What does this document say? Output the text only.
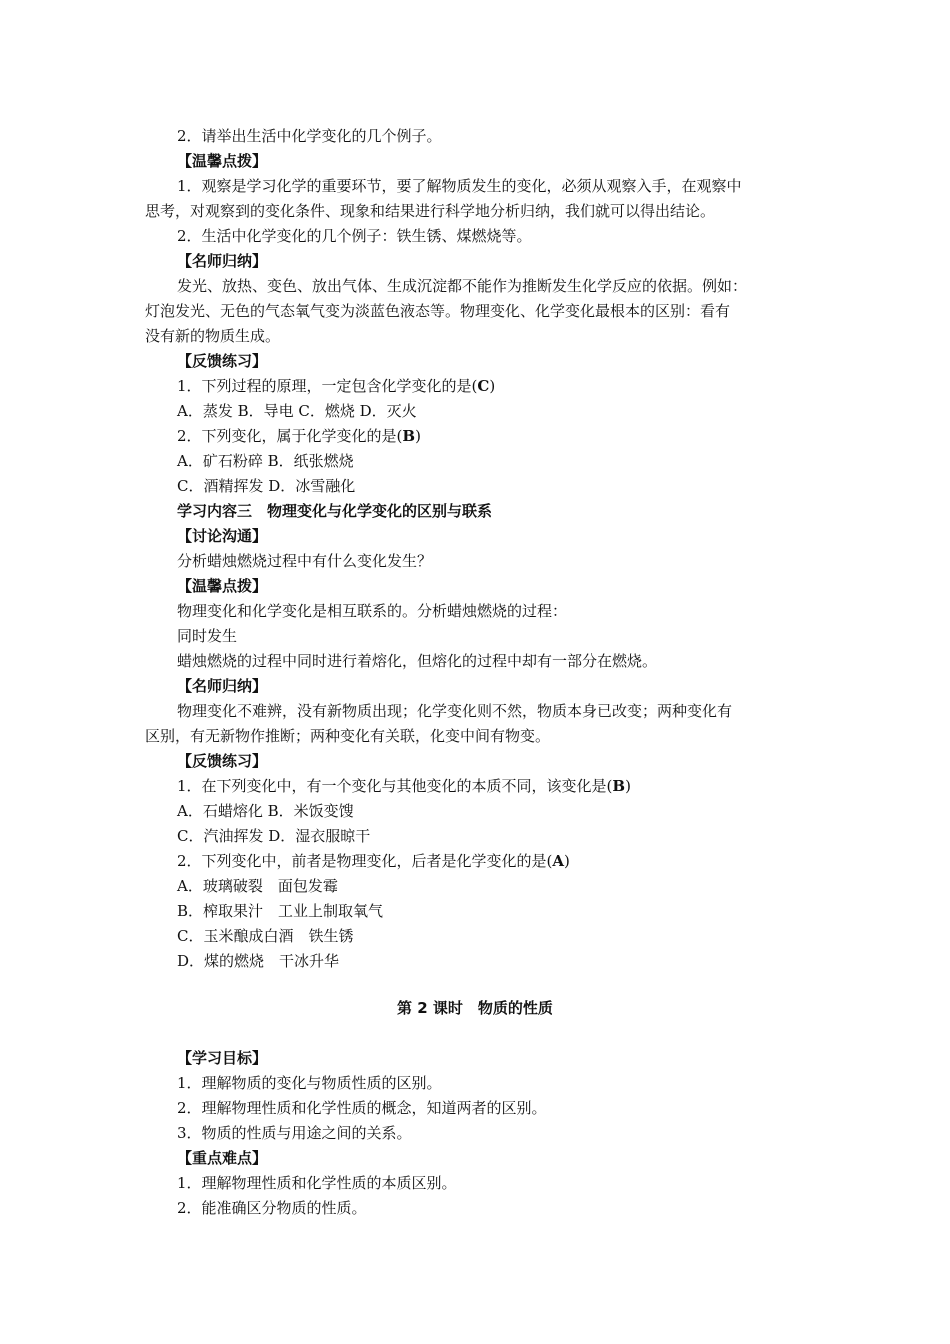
2．请举出生活中化学变化的几个例子。
【温馨点拨】
1．观察是学习化学的重要环节，要了解物质发生的变化，必须从观察入手，在观察中
思考，对观察到的变化条件、现象和结果进行科学地分析归纳，我们就可以得出结论。
2．生活中化学变化的几个例子：铁生锈、煤燃烧等。
【名师归纳】
发光、放热、变色、放出气体、生成沉淀都不能作为推断发生化学反应的依据。例如：
灯泡发光、无色的气态氧气变为淡蓝色液态等。物理变化、化学变化最根本的区别：看有
没有新的物质生成。
【反馈练习】
1．下列过程的原理，一定包含化学变化的是(C)
A．蒸发 B．导电 C．燃烧 D．灭火
2．下列变化，属于化学变化的是(B)
A．矿石粉碎 B．纸张燃烧
C．酒精挥发 D．冰雪融化
学习内容三　物理变化与化学变化的区别与联系
【讨论沟通】
分析蜡烛燃烧过程中有什么变化发生？
【温馨点拨】
物理变化和化学变化是相互联系的。分析蜡烛燃烧的过程：
同时发生
蜡烛燃烧的过程中同时进行着熔化，但熔化的过程中却有一部分在燃烧。
【名师归纳】
物理变化不难辨，没有新物质出现；化学变化则不然，物质本身已改变；两种变化有
区别，有无新物作推断；两种变化有关联，化变中间有物变。
【反馈练习】
1．在下列变化中，有一个变化与其他变化的本质不同，该变化是(B)
A．石蜡熔化 B．米饭变馊
C．汽油挥发 D．湿衣服晾干
2．下列变化中，前者是物理变化，后者是化学变化的是(A)
A．玻璃破裂　面包发霉
B．榨取果汁　工业上制取氧气
C．玉米酿成白酒　铁生锈
D．煤的燃烧　干冰升华
第 2 课时　物质的性质
【学习目标】
1．理解物质的变化与物质性质的区别。
2．理解物理性质和化学性质的概念，知道两者的区别。
3．物质的性质与用途之间的关系。
【重点难点】
1．理解物理性质和化学性质的本质区别。
2．能准确区分物质的性质。
